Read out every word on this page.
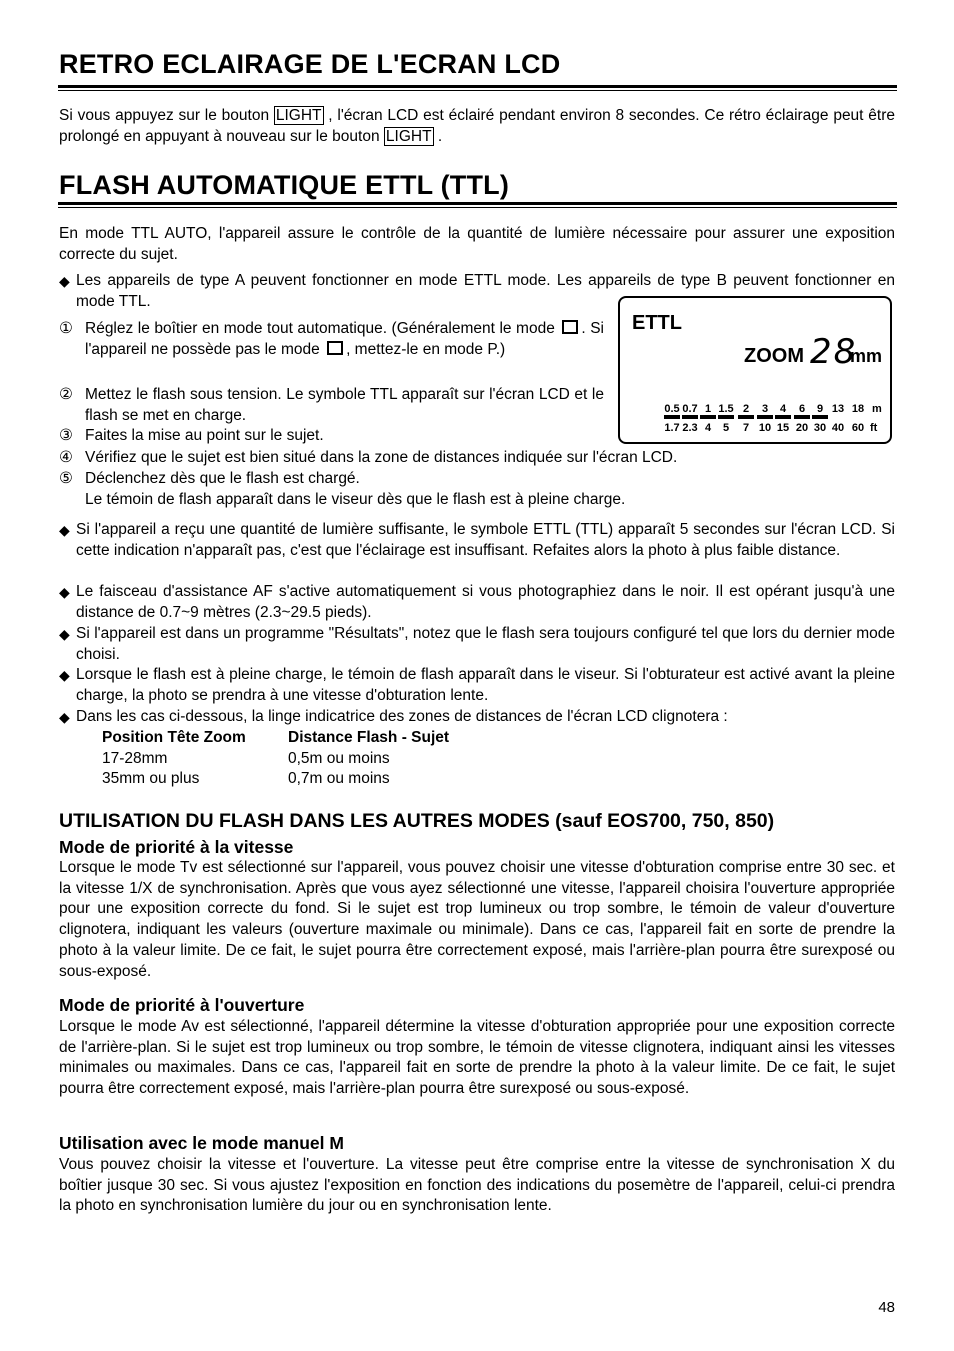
RETRO ECLAIRAGE DE L'ECRAN LCD
Si vous appuyez sur le bouton LIGHT , l'écran LCD est éclairé pendant environ 8 secondes. Ce rétro éclairage peut être prolongé en appuyant à nouveau sur le bouton LIGHT .
FLASH AUTOMATIQUE ETTL (TTL)
En mode TTL AUTO, l'appareil assure le contrôle de la quantité de lumière nécessaire pour assurer une exposition correcte du sujet.
◆ Les appareils de type A peuvent fonctionner en mode ETTL mode. Les appareils de type B peuvent fonctionner en mode TTL.
① Réglez le boîtier en mode tout automatique. (Généralement le mode . Si l'appareil ne possède pas le mode , mettez-le en mode P.)
② Mettez le flash sous tension. Le symbole TTL apparaît sur l'écran LCD et le flash se met en charge.
③ Faites la mise au point sur le sujet.
④ Vérifiez que le sujet est bien situé dans la zone de distances indiquée sur l'écran LCD.
⑤ Déclenchez dès que le flash est chargé.
Le témoin de flash apparaît dans le viseur dès que le flash est à pleine charge.
◆ Si l'appareil a reçu une quantité de lumière suffisante, le symbole ETTL (TTL) apparaît 5 secondes sur l'écran LCD. Si cette indication n'apparaît pas, c'est que l'éclairage est insuffisant. Refaites alors la photo à plus faible distance.
◆ Le faisceau d'assistance AF s'active automatiquement si vous photographiez dans le noir. Il est opérant jusqu'à une distance de 0.7~9 mètres (2.3~29.5 pieds).
◆ Si l'appareil est dans un programme "Résultats", notez que le flash sera toujours configuré tel que lors du dernier mode choisi.
◆ Lorsque le flash est à pleine charge, le témoin de flash apparaît dans le viseur. Si l'obturateur est activé avant la pleine charge, la photo se prendra à une vitesse d'obturation lente.
◆ Dans les cas ci-dessous, la linge indicatrice des zones de distances de l'écran LCD clignotera :
Position Tête Zoom	Distance Flash - Sujet
17-28mm	0,5m ou moins
35mm ou plus	0,7m ou moins
UTILISATION DU FLASH DANS LES AUTRES MODES (sauf EOS700, 750, 850)
Mode de priorité à la vitesse
Lorsque le mode Tv est sélectionné sur l'appareil, vous pouvez choisir une vitesse d'obturation comprise entre 30 sec. et la vitesse 1/X de synchronisation. Après que vous ayez sélectionné une vitesse, l'appareil choisira l'ouverture appropriée pour une exposition correcte du fond. Si le sujet est trop lumineux ou trop sombre, le témoin de valeur d'ouverture clignotera, indiquant les valeurs (ouverture maximale ou minimale). Dans ce cas, l'appareil fait en sorte de prendre la photo à la valeur limite. De ce fait, le sujet pourra être correctement exposé, mais l'arrière-plan pourra être surexposé ou sous-exposé.
Mode de priorité à l'ouverture
Lorsque le mode Av est sélectionné, l'appareil détermine la vitesse d'obturation appropriée pour une exposition correcte de l'arrière-plan. Si le sujet est trop lumineux ou trop sombre, le témoin de vitesse clignotera, indiquant ainsi les vitesses minimales ou maximales. Dans ce cas, l'appareil fait en sorte de prendre la photo à la valeur limite. De ce fait, le sujet pourra être correctement exposé, mais l'arrière-plan pourra être surexposé ou sous-exposé.
Utilisation avec le mode manuel M
Vous pouvez choisir la vitesse et l'ouverture. La vitesse peut être comprise entre la vitesse de synchronisation X du boîtier jusque 30 sec. Si vous ajustez l'exposition en fonction des indications du posemètre de l'appareil, celui-ci prendra la photo en synchronisation lumière du jour ou en synchronisation lente.
ETTL
ZOOM 28
mm
0.5 0.7 1 1.5 2 3 4 6 9 13 18
1.7 2.3 4 5 7 10 15 20 30 40 60
m
ft
48
